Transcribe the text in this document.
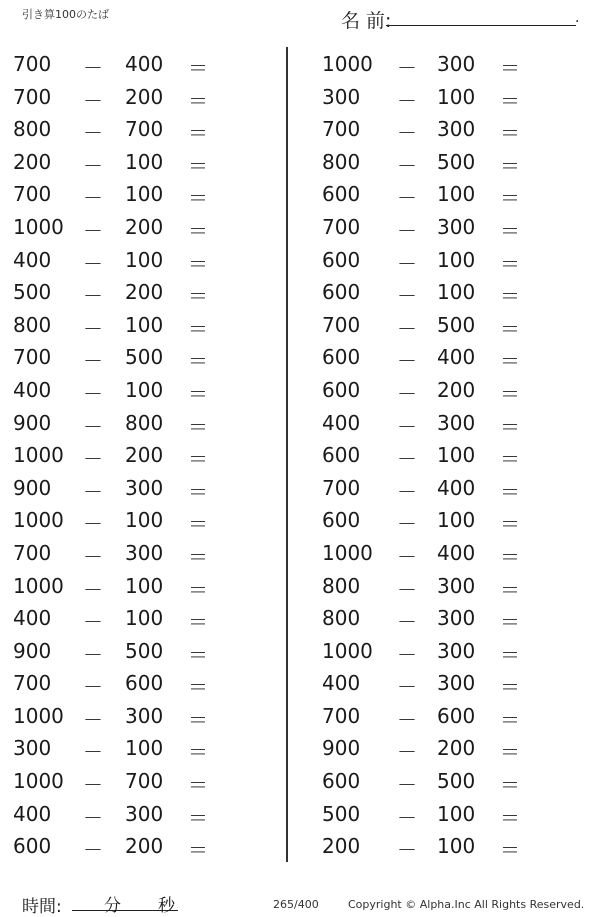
引き算100のたば	名 前:	.
700 － 400 ＝
700 － 200 ＝
800 － 700 ＝
200 － 100 ＝
700 － 100 ＝
1000 － 200 ＝
400 － 100 ＝
500 － 200 ＝
800 － 100 ＝
700 － 500 ＝
400 － 100 ＝
900 － 800 ＝
1000 － 200 ＝
900 － 300 ＝
1000 － 100 ＝
700 － 300 ＝
1000 － 100 ＝
400 － 100 ＝
900 － 500 ＝
700 － 600 ＝
1000 － 300 ＝
300 － 100 ＝
1000 － 700 ＝
400 － 300 ＝
600 － 200 ＝
1000 － 300 ＝
300 － 100 ＝
700 － 300 ＝
800 － 500 ＝
600 － 100 ＝
700 － 300 ＝
600 － 100 ＝
600 － 100 ＝
700 － 500 ＝
600 － 400 ＝
600 － 200 ＝
400 － 300 ＝
600 － 100 ＝
700 － 400 ＝
600 － 100 ＝
1000 － 400 ＝
800 － 300 ＝
800 － 300 ＝
1000 － 300 ＝
400 － 300 ＝
700 － 600 ＝
900 － 200 ＝
600 － 500 ＝
500 － 100 ＝
200 － 100 ＝
時間: 分 秒	265/400	Copyright © Alpha.Inc All Rights Reserved.
